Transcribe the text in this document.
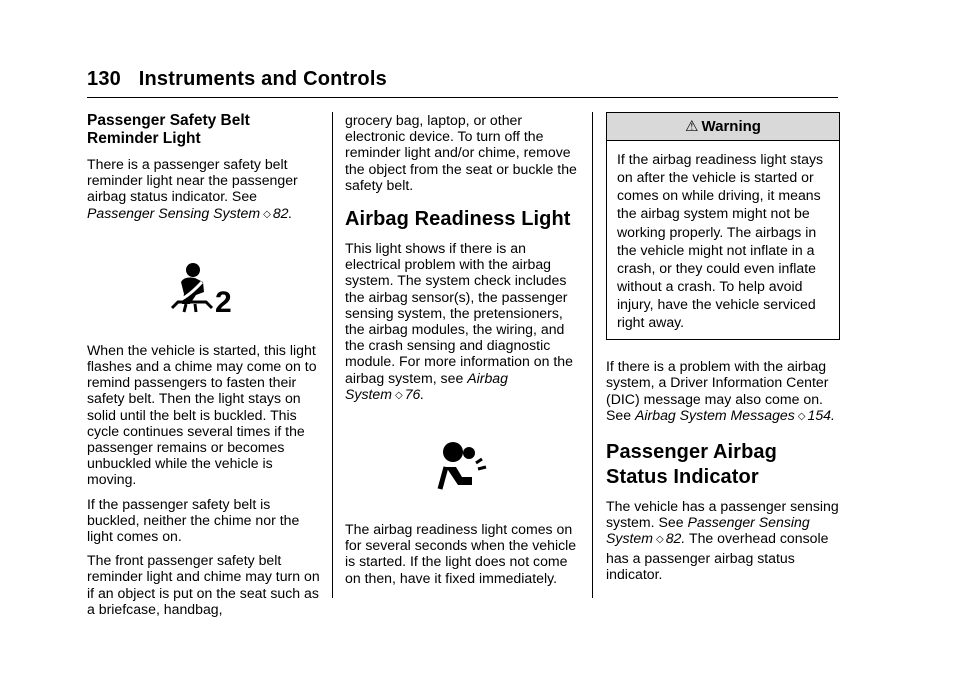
130 Instruments and Controls
Passenger Safety Belt Reminder Light

There is a passenger safety belt reminder light near the passenger airbag status indicator. See
Passenger Sensing System ◇ 82.

2

When the vehicle is started, this light flashes and a chime may come on to remind passengers to fasten their safety belt. Then the light stays on solid until the belt is buckled. This cycle continues several times if the passenger remains or becomes unbuckled while the vehicle is moving.

If the passenger safety belt is buckled, neither the chime nor the light comes on.

The front passenger safety belt reminder light and chime may turn on if an object is put on the seat such as a briefcase, handbag,

grocery bag, laptop, or other electronic device. To turn off the reminder light and/or chime, remove the object from the seat or buckle the safety belt.

Airbag Readiness Light

This light shows if there is an electrical problem with the airbag system. The system check includes the airbag sensor(s), the passenger sensing system, the pretensioners, the airbag modules, the wiring, and the crash sensing and diagnostic module. For more information on the airbag system, see Airbag System ◇ 76.

The airbag readiness light comes on for several seconds when the vehicle is started. If the light does not come on then, have it fixed immediately.

⚠ Warning
If the airbag readiness light stays on after the vehicle is started or comes on while driving, it means the airbag system might not be working properly. The airbags in the vehicle might not inflate in a crash, or they could even inflate without a crash. To help avoid injury, have the vehicle serviced right away.

If there is a problem with the airbag system, a Driver Information Center (DIC) message may also come on. See Airbag System Messages ◇ 154.

Passenger Airbag Status Indicator

The vehicle has a passenger sensing system. See Passenger Sensing System ◇ 82. The overhead console has a passenger airbag status indicator.
